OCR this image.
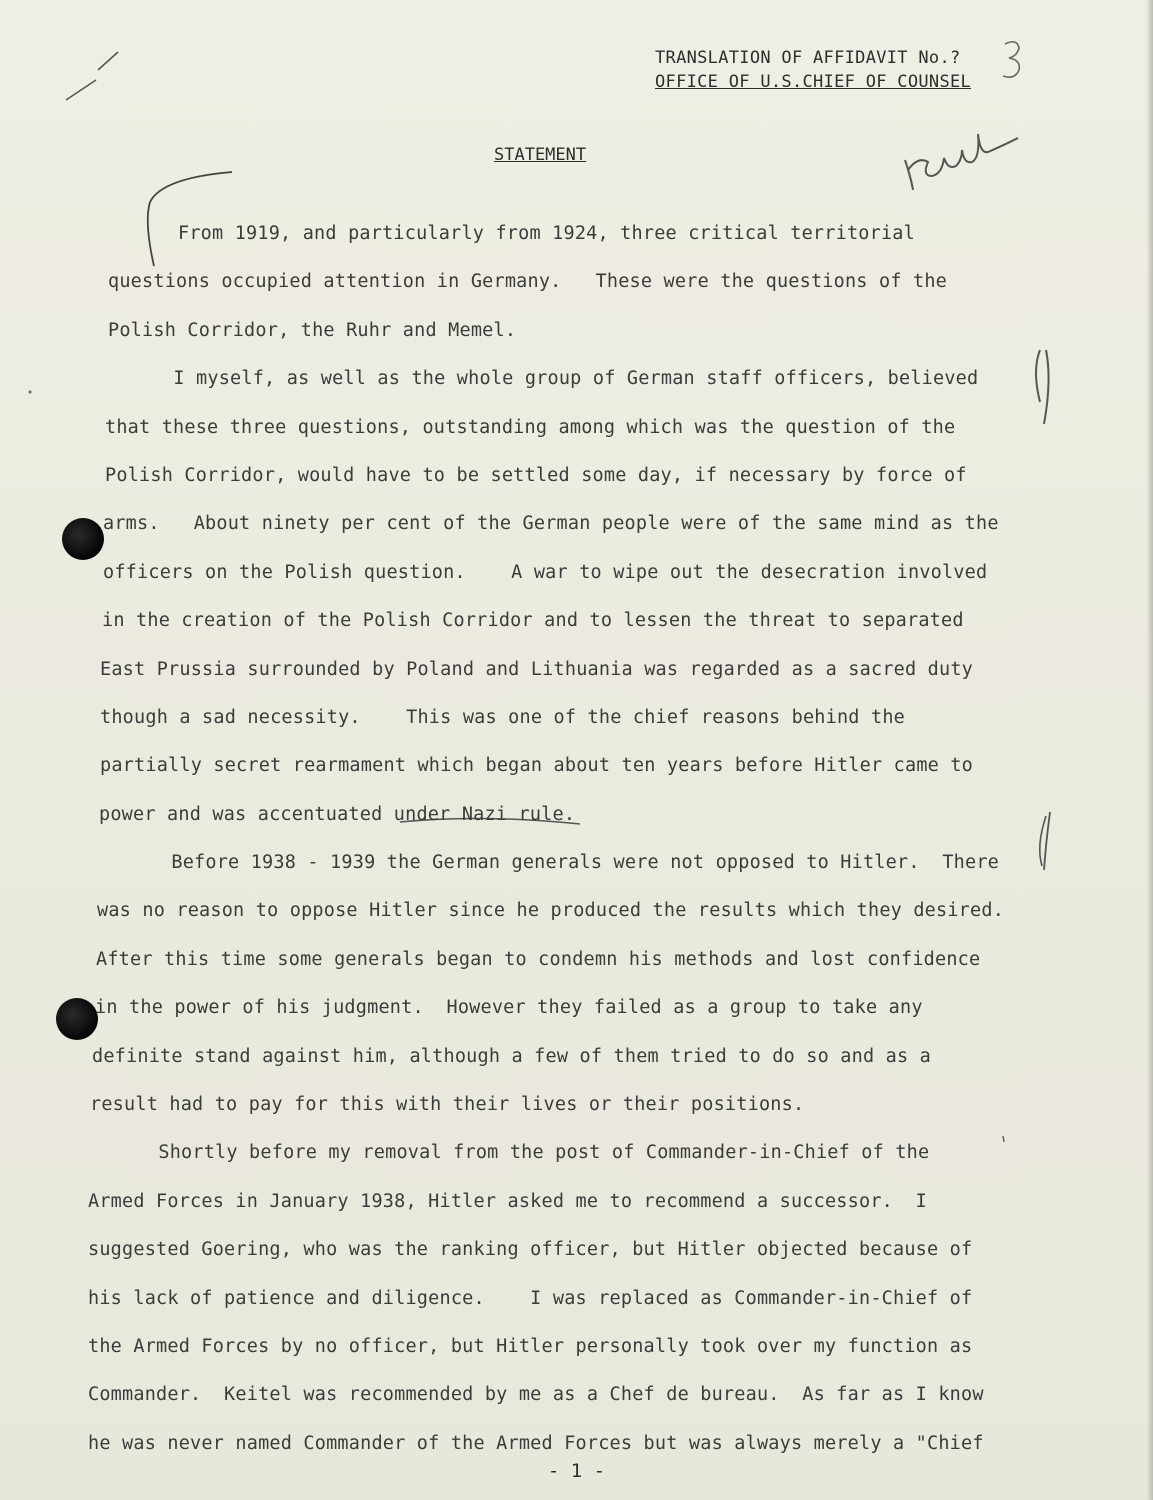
TRANSLATION OF AFFIDAVIT No.?
OFFICE OF U.S.CHIEF OF COUNSEL
STATEMENT
From 1919, and particularly from 1924, three critical territorial
questions occupied attention in Germany.   These were the questions of the
Polish Corridor, the Ruhr and Memel.
I myself, as well as the whole group of German staff officers, believed
that these three questions, outstanding among which was the question of the
Polish Corridor, would have to be settled some day, if necessary by force of
arms.   About ninety per cent of the German people were of the same mind as the
officers on the Polish question.    A war to wipe out the desecration involved
in the creation of the Polish Corridor and to lessen the threat to separated
East Prussia surrounded by Poland and Lithuania was regarded as a sacred duty
though a sad necessity.    This was one of the chief reasons behind the
partially secret rearmament which began about ten years before Hitler came to
power and was accentuated under Nazi rule.
Before 1938 - 1939 the German generals were not opposed to Hitler.  There
was no reason to oppose Hitler since he produced the results which they desired.
After this time some generals began to condemn his methods and lost confidence
in the power of his judgment.  However they failed as a group to take any
definite stand against him, although a few of them tried to do so and as a
result had to pay for this with their lives or their positions.
Shortly before my removal from the post of Commander-in-Chief of the
Armed Forces in January 1938, Hitler asked me to recommend a successor.  I
suggested Goering, who was the ranking officer, but Hitler objected because of
his lack of patience and diligence.    I was replaced as Commander-in-Chief of
the Armed Forces by no officer, but Hitler personally took over my function as
Commander.  Keitel was recommended by me as a Chef de bureau.  As far as I know
he was never named Commander of the Armed Forces but was always merely a "Chief
- 1 -
